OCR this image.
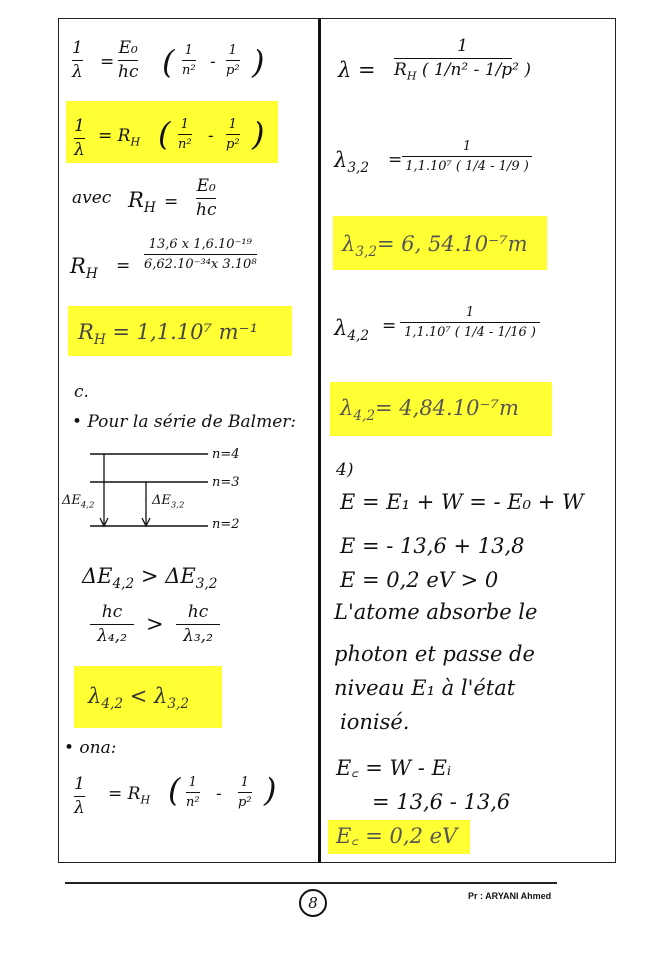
1
λ =
E₀
hc ( 1
n² -
1
p² )
1
λ
= $R_H$ ( 1
n² -
1
p² )
avec $R_H$ =
E₀
hc
$R_H$ =
13,6 x 1,6.10⁻¹⁹
6,62.10⁻³⁴x 3.10⁸
$R_H = 1,1.10^7$ m⁻¹
c.
• Pour la série de Balmer:
n=4
n=3
n=2
$\Delta E_{4,2}$	$\Delta E_{3,2}$
$\Delta E_{4,2} > \Delta E_{3,2}$
hc
λ₄,₂ > hc
λ₃,₂
$\lambda_{4,2} < \lambda_{3,2}$
• ona:
1
λ
= $R_H$ ( 1
n² -
1
p² )
λ =
1
$R_H$ ( 1/n² - 1/p² )
$\lambda_{3,2}$ =
1
1,1.10⁷ ( 1/4 - 1/9 )
$\lambda_{3,2}= 6$, 54.10⁻⁷m
$\lambda_{4,2}$
=
1
1,1.10⁷ ( 1/4 - 1/16 )
$\lambda_{4,2}= 4,84.10^{-7}m$
4)
E = E₁ + W = - E₀ + W
E = - 13,6 + 13,8
E = 0,2 eV > 0
L'atome absorbe le
photon et passe de
niveau E₁ à l'état
ionisé.
E꜀ = W - Eᵢ
= 13,6 - 13,6
E꜀ = 0,2 eV
8	Pr : ARYANI Ahmed
